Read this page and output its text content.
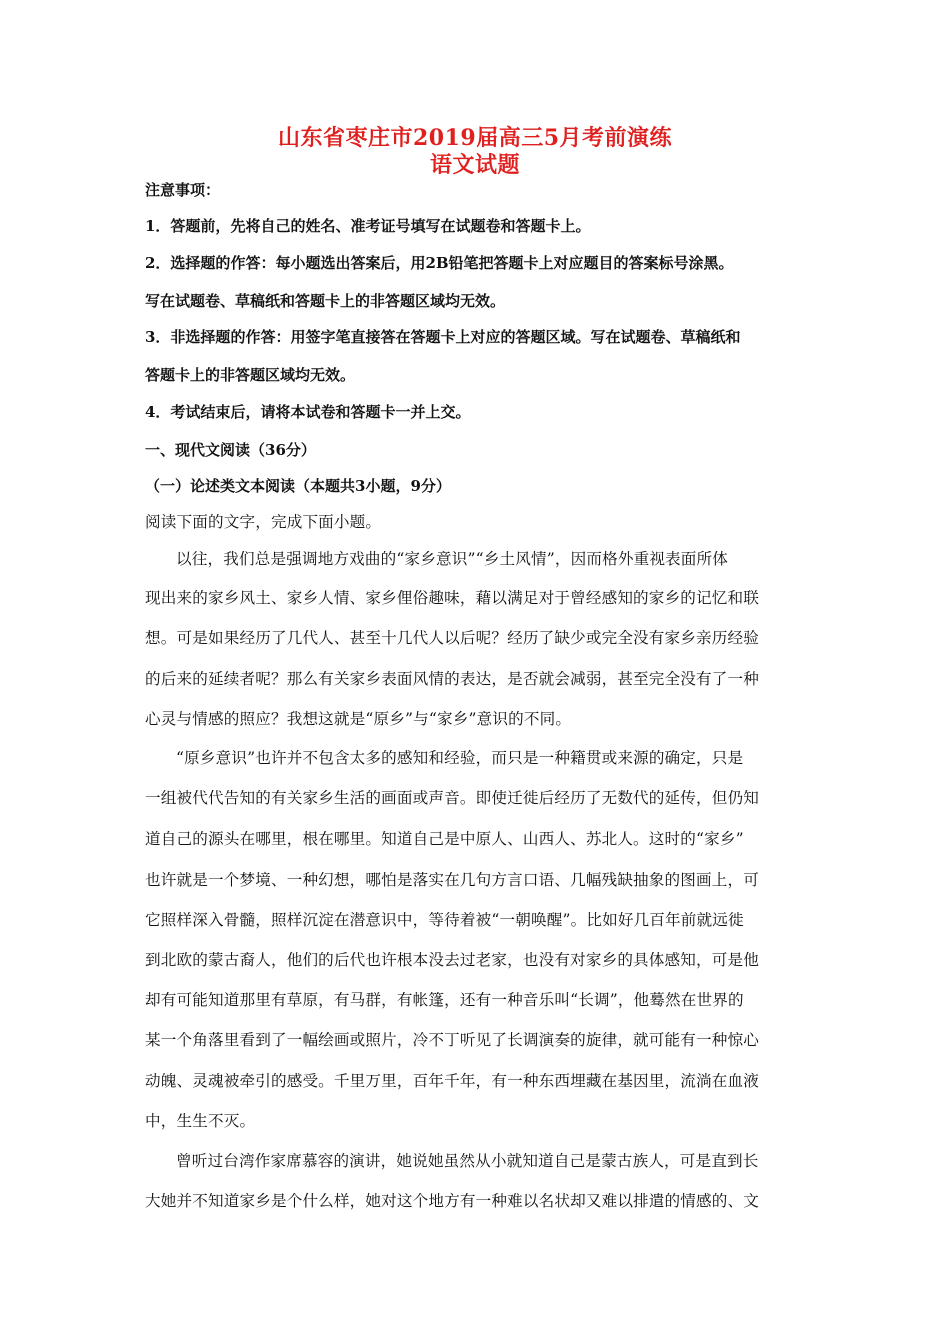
山东省枣庄市2019届高三5月考前演练
语文试题
注意事项：
1．答题前，先将自己的姓名、准考证号填写在试题卷和答题卡上。
2．选择题的作答：每小题选出答案后，用2B铅笔把答题卡上对应题目的答案标号涂黑。
写在试题卷、草稿纸和答题卡上的非答题区域均无效。
3．非选择题的作答：用签字笔直接答在答题卡上对应的答题区域。写在试题卷、草稿纸和
答题卡上的非答题区域均无效。
4．考试结束后，请将本试卷和答题卡一并上交。
一、现代文阅读（36分）
（一）论述类文本阅读（本题共3小题，9分）
阅读下面的文字，完成下面小题。
以往，我们总是强调地方戏曲的“家乡意识”“乡土风情”，因而格外重视表面所体
现出来的家乡风土、家乡人情、家乡俚俗趣味，藉以满足对于曾经感知的家乡的记忆和联
想。可是如果经历了几代人、甚至十几代人以后呢？经历了缺少或完全没有家乡亲历经验
的后来的延续者呢？那么有关家乡表面风情的表达，是否就会减弱，甚至完全没有了一种
心灵与情感的照应？我想这就是“原乡”与“家乡”意识的不同。
“原乡意识”也许并不包含太多的感知和经验，而只是一种籍贯或来源的确定，只是
一组被代代告知的有关家乡生活的画面或声音。即使迁徙后经历了无数代的延传，但仍知
道自己的源头在哪里，根在哪里。知道自己是中原人、山西人、苏北人。这时的“家乡”
也许就是一个梦境、一种幻想，哪怕是落实在几句方言口语、几幅残缺抽象的图画上，可
它照样深入骨髓，照样沉淀在潜意识中，等待着被“一朝唤醒”。比如好几百年前就远徙
到北欧的蒙古裔人，他们的后代也许根本没去过老家，也没有对家乡的具体感知，可是他
却有可能知道那里有草原，有马群，有帐篷，还有一种音乐叫“长调”，他蓦然在世界的
某一个角落里看到了一幅绘画或照片，冷不丁听见了长调演奏的旋律，就可能有一种惊心
动魄、灵魂被牵引的感受。千里万里，百年千年，有一种东西埋藏在基因里，流淌在血液
中，生生不灭。
曾听过台湾作家席慕容的演讲，她说她虽然从小就知道自己是蒙古族人，可是直到长
大她并不知道家乡是个什么样，她对这个地方有一种难以名状却又难以排遣的情感的、文
